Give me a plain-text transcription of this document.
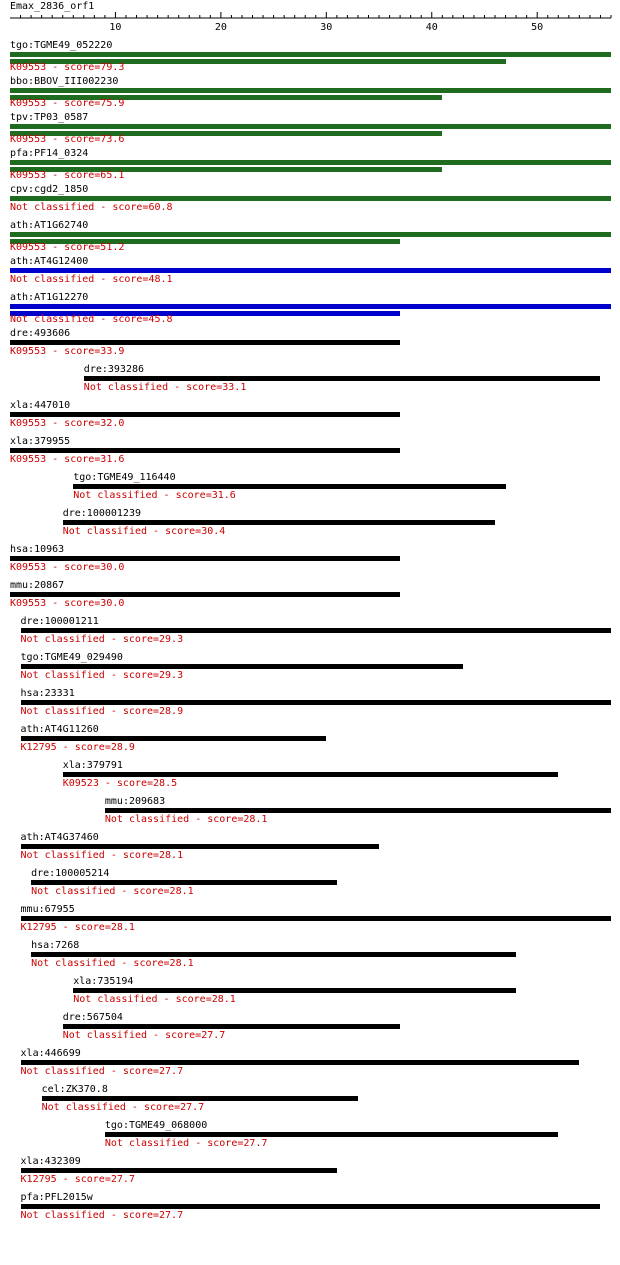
Emax_2836_orf1
10	20	30	40	50
tgo:TGME49_052220
K09553 - score=79.3
bbo:BBOV_III002230
K09553 - score=75.9
tpv:TP03_0587
K09553 - score=73.6
pfa:PF14_0324
K09553 - score=65.1
cpv:cgd2_1850
Not classified - score=60.8
ath:AT1G62740
K09553 - score=51.2
ath:AT4G12400
Not classified - score=48.1
ath:AT1G12270
Not classified - score=45.8
dre:493606
K09553 - score=33.9
dre:393286
Not classified - score=33.1
xla:447010
K09553 - score=32.0
xla:379955
K09553 - score=31.6
tgo:TGME49_116440
Not classified - score=31.6
dre:100001239
Not classified - score=30.4
hsa:10963
K09553 - score=30.0
mmu:20867
K09553 - score=30.0
dre:100001211
Not classified - score=29.3
tgo:TGME49_029490
Not classified - score=29.3
hsa:23331
Not classified - score=28.9
ath:AT4G11260
K12795 - score=28.9
xla:379791
K09523 - score=28.5
mmu:209683
Not classified - score=28.1
ath:AT4G37460
Not classified - score=28.1
dre:100005214
Not classified - score=28.1
mmu:67955
K12795 - score=28.1
hsa:7268
Not classified - score=28.1
xla:735194
Not classified - score=28.1
dre:567504
Not classified - score=27.7
xla:446699
Not classified - score=27.7
cel:ZK370.8
Not classified - score=27.7
tgo:TGME49_068000
Not classified - score=27.7
xla:432309
K12795 - score=27.7
pfa:PFL2015w
Not classified - score=27.7
